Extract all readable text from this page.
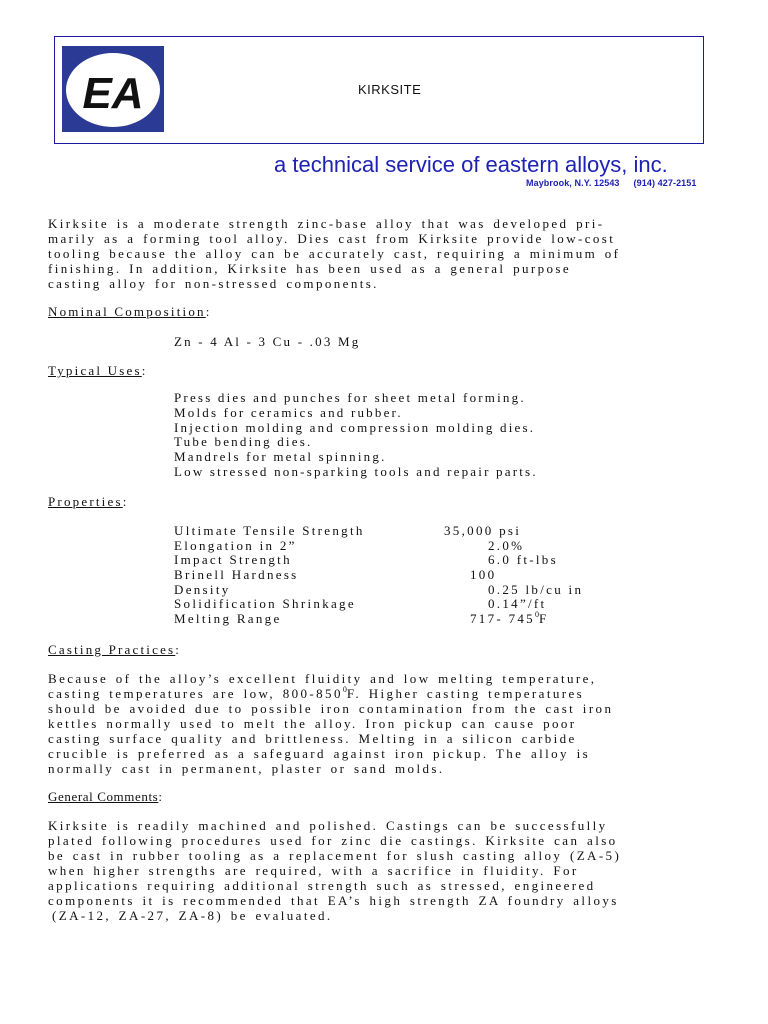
EA	KIRKSITE
a technical service of eastern alloys, inc.
Maybrook, N.Y. 12543 (914) 427-2151
Kirksite is a moderate strength zinc-base alloy that was developed pri-
marily as a forming tool alloy. Dies cast from Kirksite provide low-cost
tooling because the alloy can be accurately cast, requiring a minimum of
finishing. In addition, Kirksite has been used as a general purpose
casting alloy for non-stressed components.
Nominal Composition:
Zn - 4 Al - 3 Cu - .03 Mg
Typical Uses:
Press dies and punches for sheet metal forming.
Molds for ceramics and rubber.
Injection molding and compression molding dies.
Tube bending dies.
Mandrels for metal spinning.
Low stressed non-sparking tools and repair parts.
Properties:
Ultimate Tensile Strength	35,000 psi
Elongation in 2”	2.0%
Impact Strength	6.0 ft-lbs
Brinell Hardness	100
Density	0.25 lb/cu in
Solidification Shrinkage	0.14”/ft
Melting Range	717- $745^0F$
Casting Practices:
Because of the alloy’s excellent fluidity and low melting temperature,
casting temperatures are low, $800-850^0F$. Higher casting temperatures
should be avoided due to possible iron contamination from the cast iron
kettles normally used to melt the alloy. Iron pickup can cause poor
casting surface quality and brittleness. Melting in a silicon carbide
crucible is preferred as a safeguard against iron pickup. The alloy is
normally cast in permanent, plaster or sand molds.
General Comments:
Kirksite is readily machined and polished. Castings can be successfully
plated following procedures used for zinc die castings. Kirksite can also
be cast in rubber tooling as a replacement for slush casting alloy (ZA-5)
when higher strengths are required, with a sacrifice in fluidity. For
applications requiring additional strength such as stressed, engineered
components it is recommended that EA’s high strength ZA foundry alloys
(ZA-12, ZA-27, ZA-8) be evaluated.
